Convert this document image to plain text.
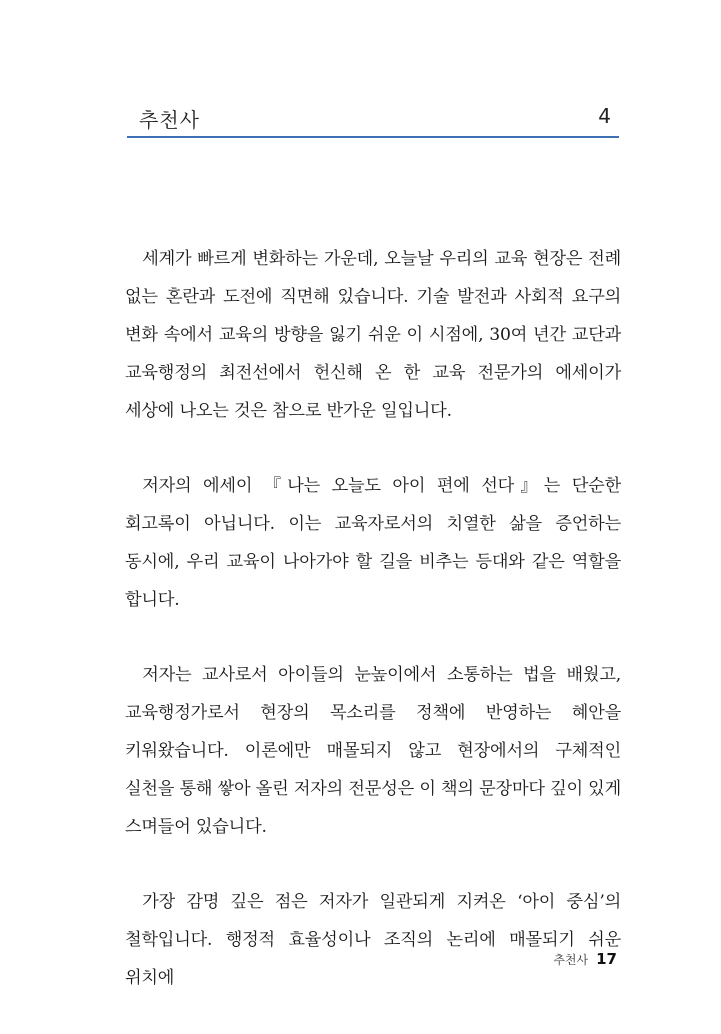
추천사	4

세계가 빠르게 변화하는 가운데, 오늘날 우리의 교육 현장은 전례 없는 혼란과 도전에 직면해 있습니다. 기술 발전과 사회적 요구의 변화 속에서 교육의 방향을 잃기 쉬운 이 시점에, 30여 년간 교단과 교육행정의 최전선에서 헌신해 온 한 교육 전문가의 에세이가 세상에 나오는 것은 참으로 반가운 일입니다.

저자의 에세이 『나는 오늘도 아이 편에 선다』는 단순한 회고록이 아닙니다. 이는 교육자로서의 치열한 삶을 증언하는 동시에, 우리 교육이 나아가야 할 길을 비추는 등대와 같은 역할을 합니다.

저자는 교사로서 아이들의 눈높이에서 소통하는 법을 배웠고, 교육행정가로서 현장의 목소리를 정책에 반영하는 혜안을 키워왔습니다. 이론에만 매몰되지 않고 현장에서의 구체적인 실천을 통해 쌓아 올린 저자의 전문성은 이 책의 문장마다 깊이 있게 스며들어 있습니다.

가장 감명 깊은 점은 저자가 일관되게 지켜온 ‘아이 중심’의 철학입니다. 행정적 효율성이나 조직의 논리에 매몰되기 쉬운 위치에

추천사 17
